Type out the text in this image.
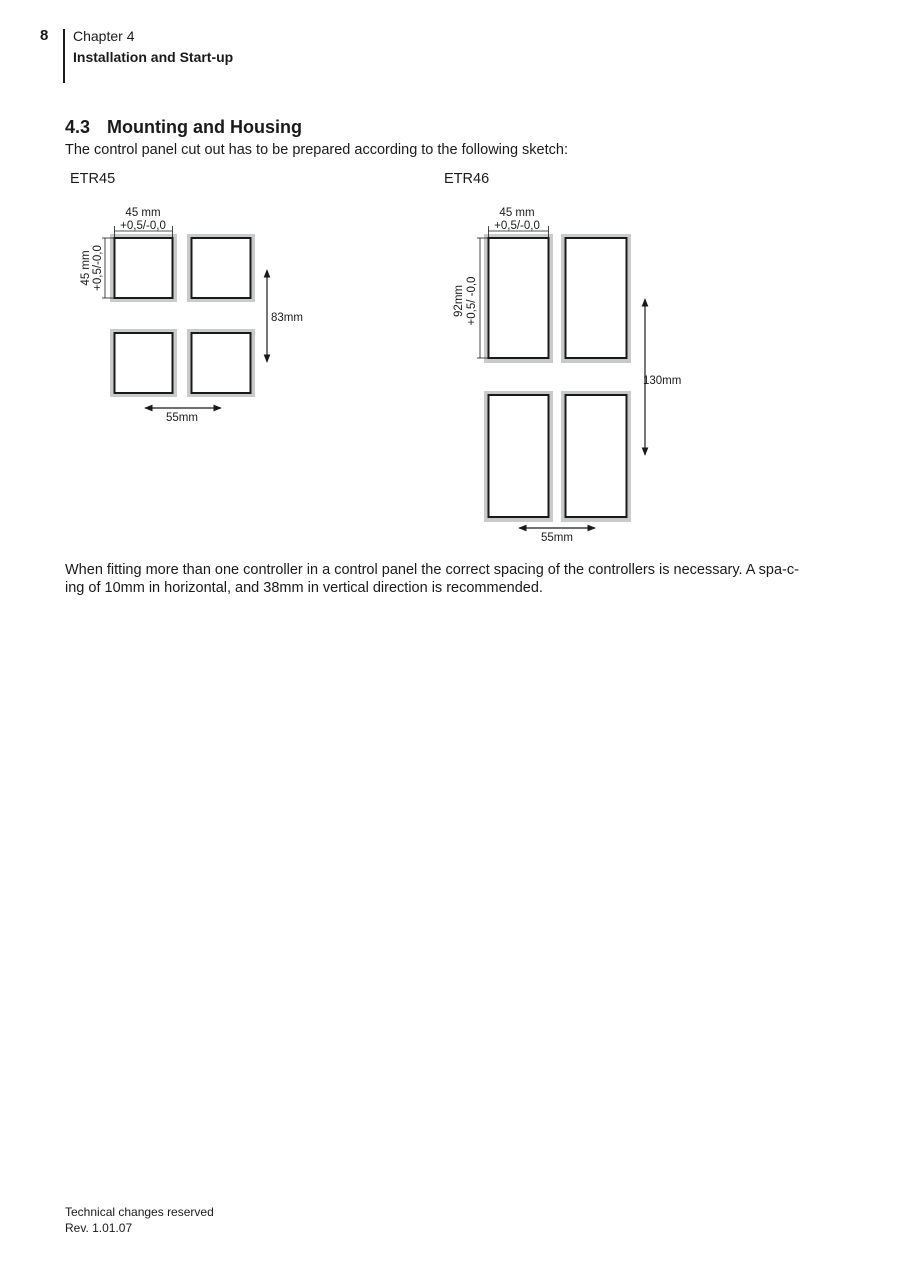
8 Chapter 4
Installation and Start-up
4.3 Mounting and Housing
The control panel cut out has to be prepared according to the following sketch:
ETR45	ETR46
45 mm
+0,5/-0,0
45 mm +0,5/-0,0
83mm
55mm
45 mm
+0,5/-0,0
92mm +0,5/ -0,0
130mm
55mm
When fitting more than one controller in a control panel the correct spacing of the controllers is necessary. A spa-c-
ing of 10mm in horizontal, and 38mm in vertical direction is recommended.
Technical changes reserved
Rev. 1.01.07
